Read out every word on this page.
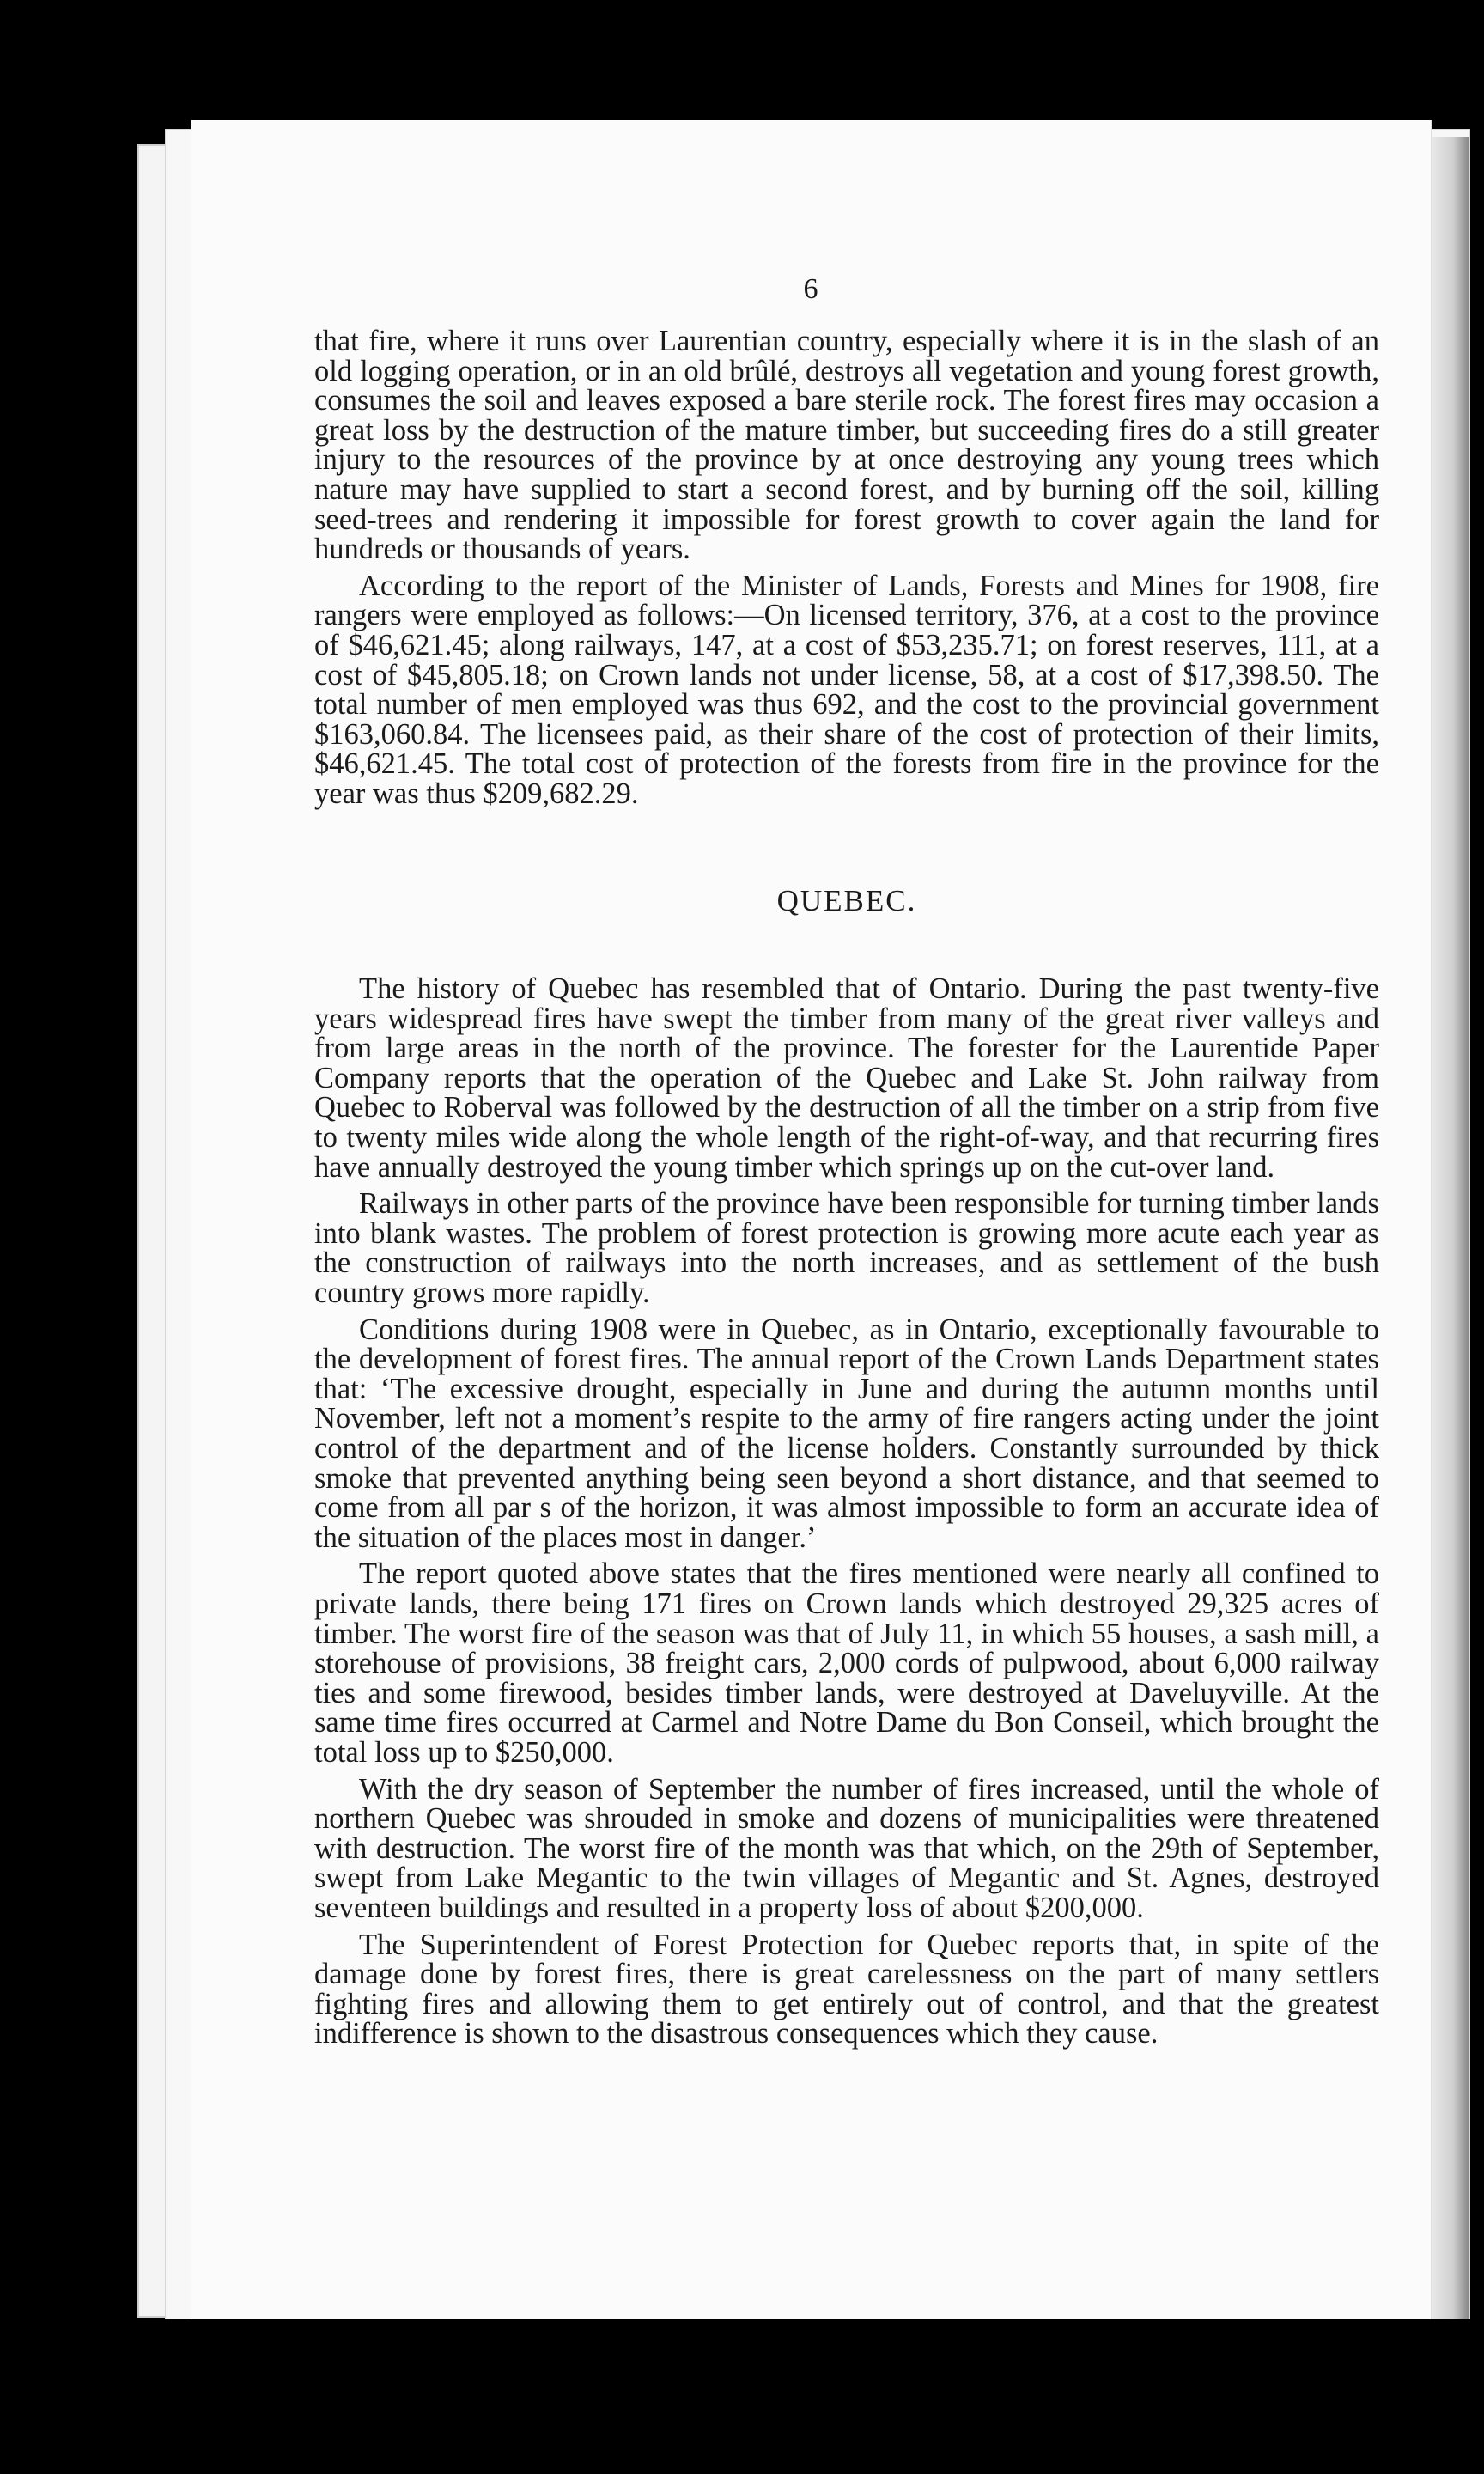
6

that fire, where it runs over Laurentian country, especially where it is in the slash of an old logging operation, or in an old brûlé, destroys all vegetation and young forest growth, consumes the soil and leaves exposed a bare sterile rock. The forest fires may occasion a great loss by the destruction of the mature timber, but succeeding fires do a still greater injury to the resources of the province by at once destroying any young trees which nature may have supplied to start a second forest, and by burning off the soil, killing seed-trees and rendering it impossible for forest growth to cover again the land for hundreds or thousands of years.

According to the report of the Minister of Lands, Forests and Mines for 1908, fire rangers were employed as follows:—On licensed territory, 376, at a cost to the province of $46,621.45; along railways, 147, at a cost of $53,235.71; on forest reserves, 111, at a cost of $45,805.18; on Crown lands not under license, 58, at a cost of $17,398.50. The total number of men employed was thus 692, and the cost to the provincial government $163,060.84. The licensees paid, as their share of the cost of protection of their limits, $46,621.45. The total cost of protection of the forests from fire in the province for the year was thus $209,682.29.

QUEBEC.

The history of Quebec has resembled that of Ontario. During the past twenty-five years widespread fires have swept the timber from many of the great river valleys and from large areas in the north of the province. The forester for the Laurentide Paper Company reports that the operation of the Quebec and Lake St. John railway from Quebec to Roberval was followed by the destruction of all the timber on a strip from five to twenty miles wide along the whole length of the right-of-way, and that recurring fires have annually destroyed the young timber which springs up on the cut-over land.

Railways in other parts of the province have been responsible for turning timber lands into blank wastes. The problem of forest protection is growing more acute each year as the construction of railways into the north increases, and as settlement of the bush country grows more rapidly.

Conditions during 1908 were in Quebec, as in Ontario, exceptionally favourable to the development of forest fires. The annual report of the Crown Lands Department states that: ‘The excessive drought, especially in June and during the autumn months until November, left not a moment’s respite to the army of fire rangers acting under the joint control of the department and of the license holders. Constantly surrounded by thick smoke that prevented anything being seen beyond a short distance, and that seemed to come from all par s of the horizon, it was almost impossible to form an accurate idea of the situation of the places most in danger.’

The report quoted above states that the fires mentioned were nearly all confined to private lands, there being 171 fires on Crown lands which destroyed 29,325 acres of timber. The worst fire of the season was that of July 11, in which 55 houses, a sash mill, a storehouse of provisions, 38 freight cars, 2,000 cords of pulpwood, about 6,000 railway ties and some firewood, besides timber lands, were destroyed at Daveluyville. At the same time fires occurred at Carmel and Notre Dame du Bon Conseil, which brought the total loss up to $250,000.

With the dry season of September the number of fires increased, until the whole of northern Quebec was shrouded in smoke and dozens of municipalities were threatened with destruction. The worst fire of the month was that which, on the 29th of September, swept from Lake Megantic to the twin villages of Megantic and St. Agnes, destroyed seventeen buildings and resulted in a property loss of about $200,000.

The Superintendent of Forest Protection for Quebec reports that, in spite of the damage done by forest fires, there is great carelessness on the part of many settlers fighting fires and allowing them to get entirely out of control, and that the greatest indifference is shown to the disastrous consequences which they cause.
